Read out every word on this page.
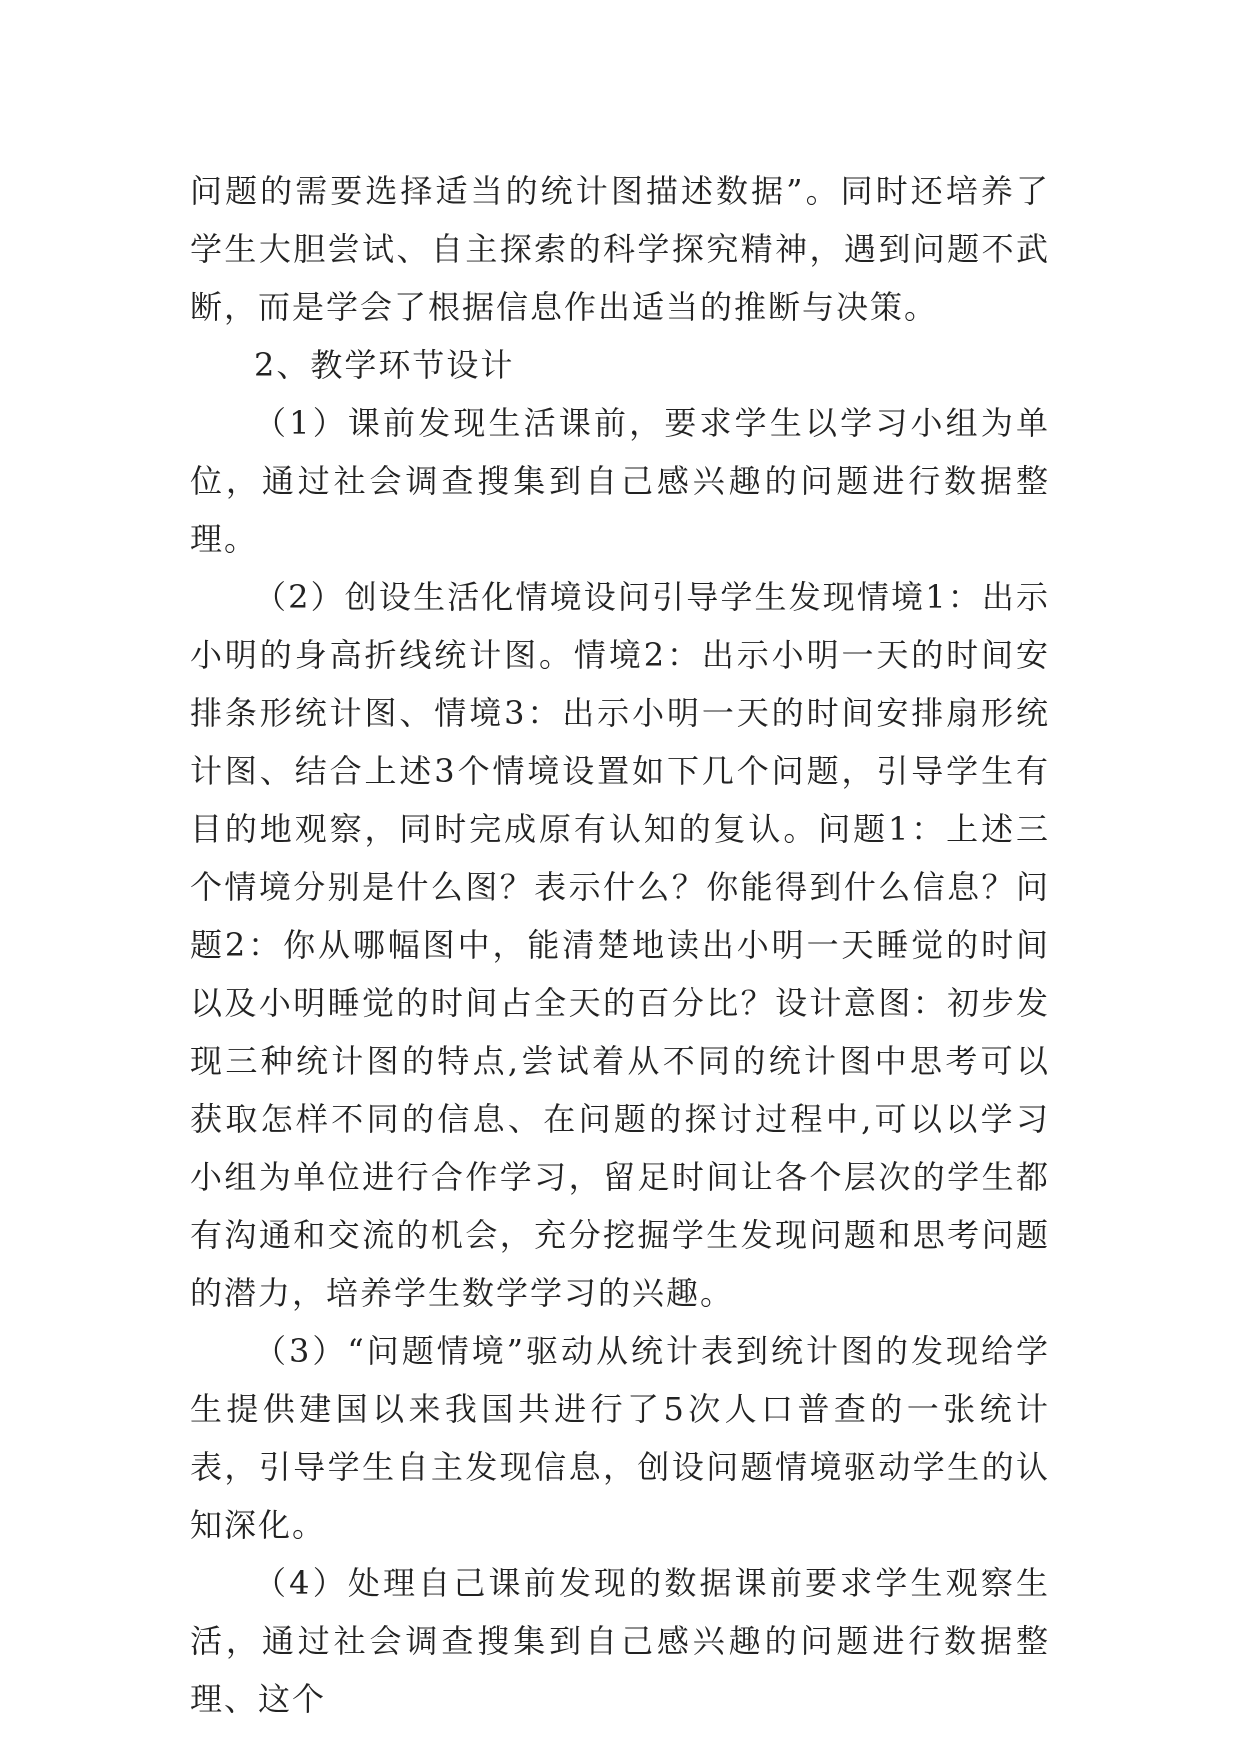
问题的需要选择适当的统计图描述数据”。同时还培养了学生大胆尝试、自主探索的科学探究精神，遇到问题不武断，而是学会了根据信息作出适当的推断与决策。

2、教学环节设计

（1）课前发现生活课前，要求学生以学习小组为单位，通过社会调查搜集到自己感兴趣的问题进行数据整理。

（2）创设生活化情境设问引导学生发现情境1：出示小明的身高折线统计图。情境2：出示小明一天的时间安排条形统计图、情境3：出示小明一天的时间安排扇形统计图、结合上述3个情境设置如下几个问题，引导学生有目的地观察，同时完成原有认知的复认。问题1：上述三个情境分别是什么图？表示什么？你能得到什么信息？问题2：你从哪幅图中，能清楚地读出小明一天睡觉的时间以及小明睡觉的时间占全天的百分比？设计意图：初步发现三种统计图的特点,尝试着从不同的统计图中思考可以获取怎样不同的信息、在问题的探讨过程中,可以以学习小组为单位进行合作学习，留足时间让各个层次的学生都有沟通和交流的机会，充分挖掘学生发现问题和思考问题的潜力，培养学生数学学习的兴趣。

（3）“问题情境”驱动从统计表到统计图的发现给学生提供建国以来我国共进行了5次人口普查的一张统计表，引导学生自主发现信息，创设问题情境驱动学生的认知深化。

（4）处理自己课前发现的数据课前要求学生观察生活，通过社会调查搜集到自己感兴趣的问题进行数据整理、这个
